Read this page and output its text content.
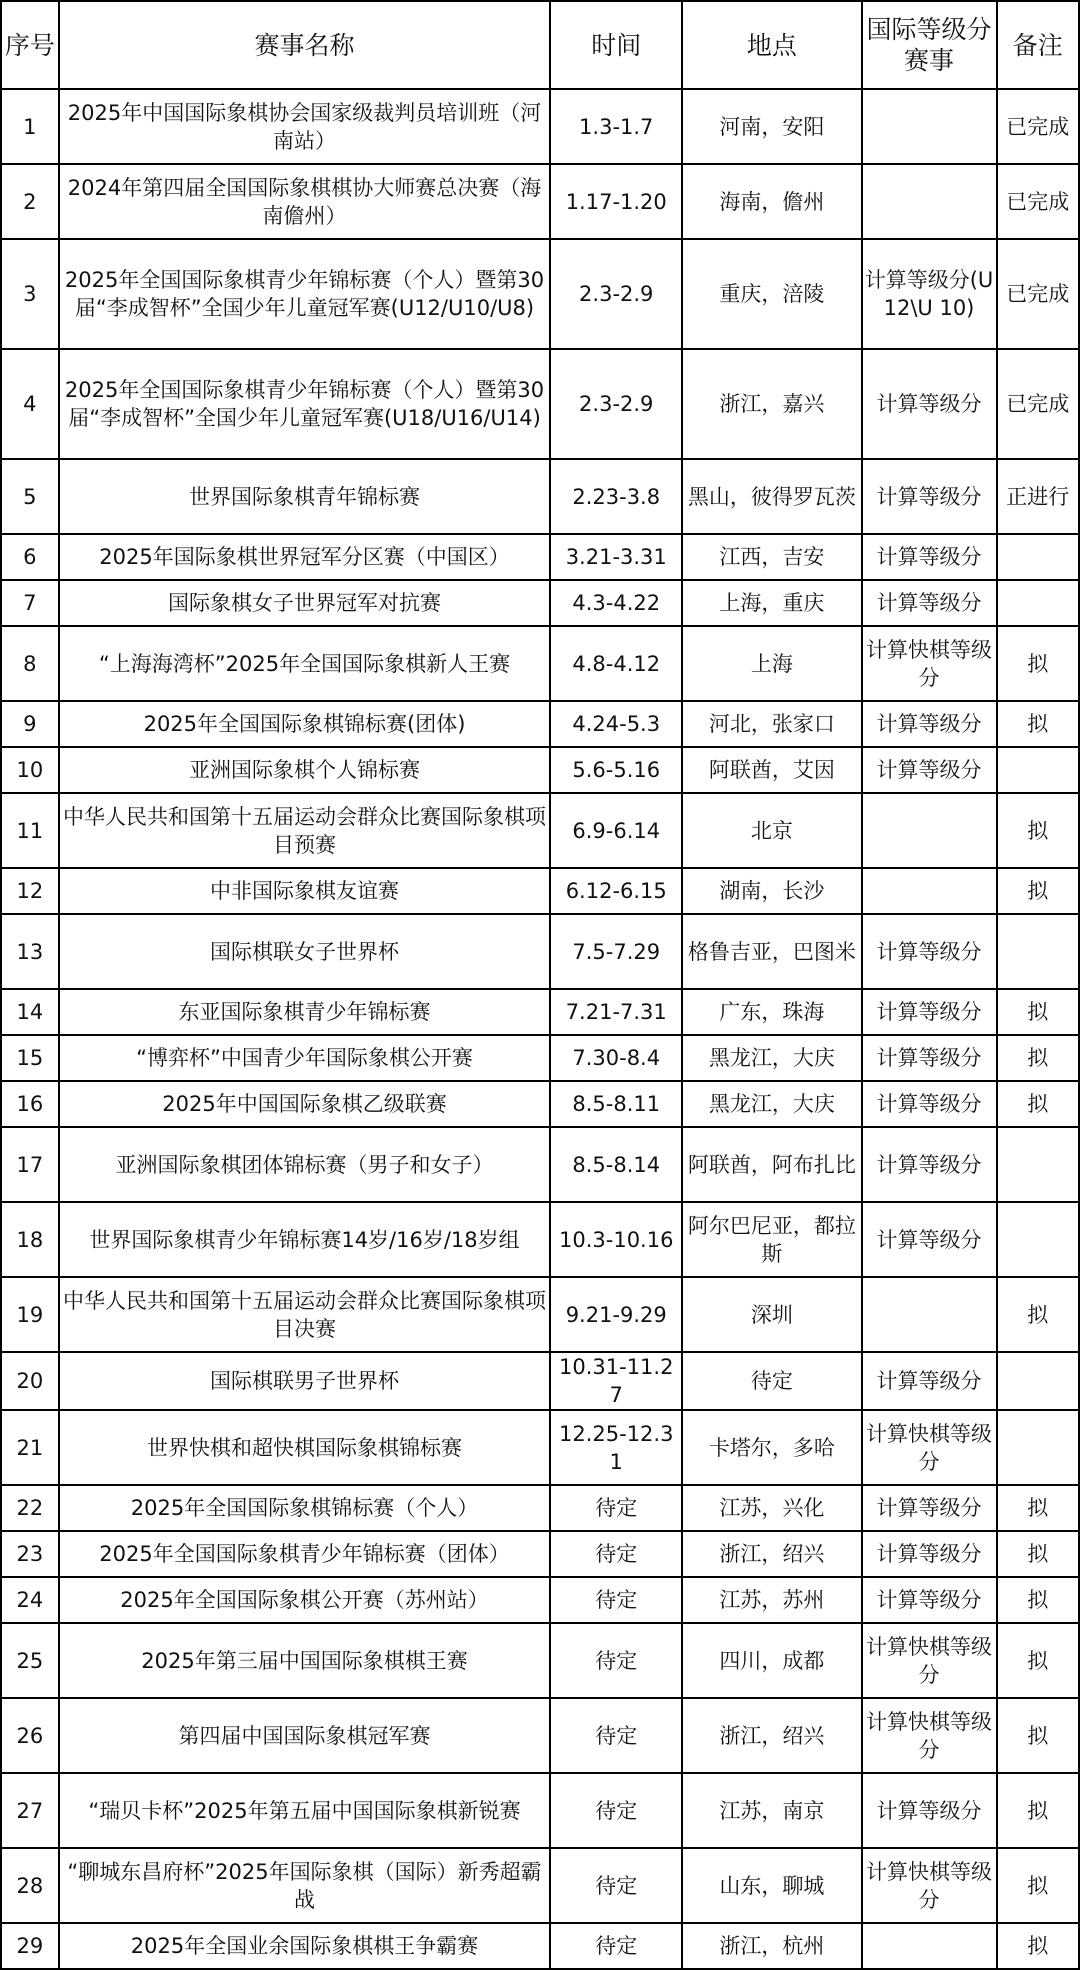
序号	赛事名称	时间	地点	国际等级分赛事	备注
1	2025年中国国际象棋协会国家级裁判员培训班（河南站）	1.3-1.7	河南，安阳		已完成
2	2024年第四届全国国际象棋棋协大师赛总决赛（海南儋州）	1.17-1.20	海南，儋州		已完成
3	2025年全国国际象棋青少年锦标赛（个人）暨第30届“李成智杯”全国少年儿童冠军赛(U12/U10/U8)	2.3-2.9	重庆，涪陵	计算等级分(U12\U 10)	已完成
4	2025年全国国际象棋青少年锦标赛（个人）暨第30届“李成智杯”全国少年儿童冠军赛(U18/U16/U14)	2.3-2.9	浙江，嘉兴	计算等级分	已完成
5	世界国际象棋青年锦标赛	2.23-3.8	黑山，彼得罗瓦茨	计算等级分	正进行
6	2025年国际象棋世界冠军分区赛（中国区）	3.21-3.31	江西，吉安	计算等级分	
7	国际象棋女子世界冠军对抗赛	4.3-4.22	上海，重庆	计算等级分	
8	“上海海湾杯”2025年全国国际象棋新人王赛	4.8-4.12	上海	计算快棋等级分	拟
9	2025年全国国际象棋锦标赛(团体)	4.24-5.3	河北，张家口	计算等级分	拟
10	亚洲国际象棋个人锦标赛	5.6-5.16	阿联酋，艾因	计算等级分	
11	中华人民共和国第十五届运动会群众比赛国际象棋项目预赛	6.9-6.14	北京		拟
12	中非国际象棋友谊赛	6.12-6.15	湖南，长沙		拟
13	国际棋联女子世界杯	7.5-7.29	格鲁吉亚，巴图米	计算等级分	
14	东亚国际象棋青少年锦标赛	7.21-7.31	广东，珠海	计算等级分	拟
15	“博弈杯”中国青少年国际象棋公开赛	7.30-8.4	黑龙江，大庆	计算等级分	拟
16	2025年中国国际象棋乙级联赛	8.5-8.11	黑龙江，大庆	计算等级分	拟
17	亚洲国际象棋团体锦标赛（男子和女子）	8.5-8.14	阿联酋，阿布扎比	计算等级分	
18	世界国际象棋青少年锦标赛14岁/16岁/18岁组	10.3-10.16	阿尔巴尼亚，都拉斯	计算等级分	
19	中华人民共和国第十五届运动会群众比赛国际象棋项目决赛	9.21-9.29	深圳		拟
20	国际棋联男子世界杯	10.31-11.27	待定	计算等级分	
21	世界快棋和超快棋国际象棋锦标赛	12.25-12.31	卡塔尔，多哈	计算快棋等级分	
22	2025年全国国际象棋锦标赛（个人）	待定	江苏，兴化	计算等级分	拟
23	2025年全国国际象棋青少年锦标赛（团体）	待定	浙江，绍兴	计算等级分	拟
24	2025年全国国际象棋公开赛（苏州站）	待定	江苏，苏州	计算等级分	拟
25	2025年第三届中国国际象棋棋王赛	待定	四川，成都	计算快棋等级分	拟
26	第四届中国国际象棋冠军赛	待定	浙江，绍兴	计算快棋等级分	拟
27	“瑞贝卡杯”2025年第五届中国国际象棋新锐赛	待定	江苏，南京	计算等级分	拟
28	“聊城东昌府杯”2025年国际象棋（国际）新秀超霸战	待定	山东，聊城	计算快棋等级分	拟
29	2025年全国业余国际象棋棋王争霸赛	待定	浙江，杭州		拟
